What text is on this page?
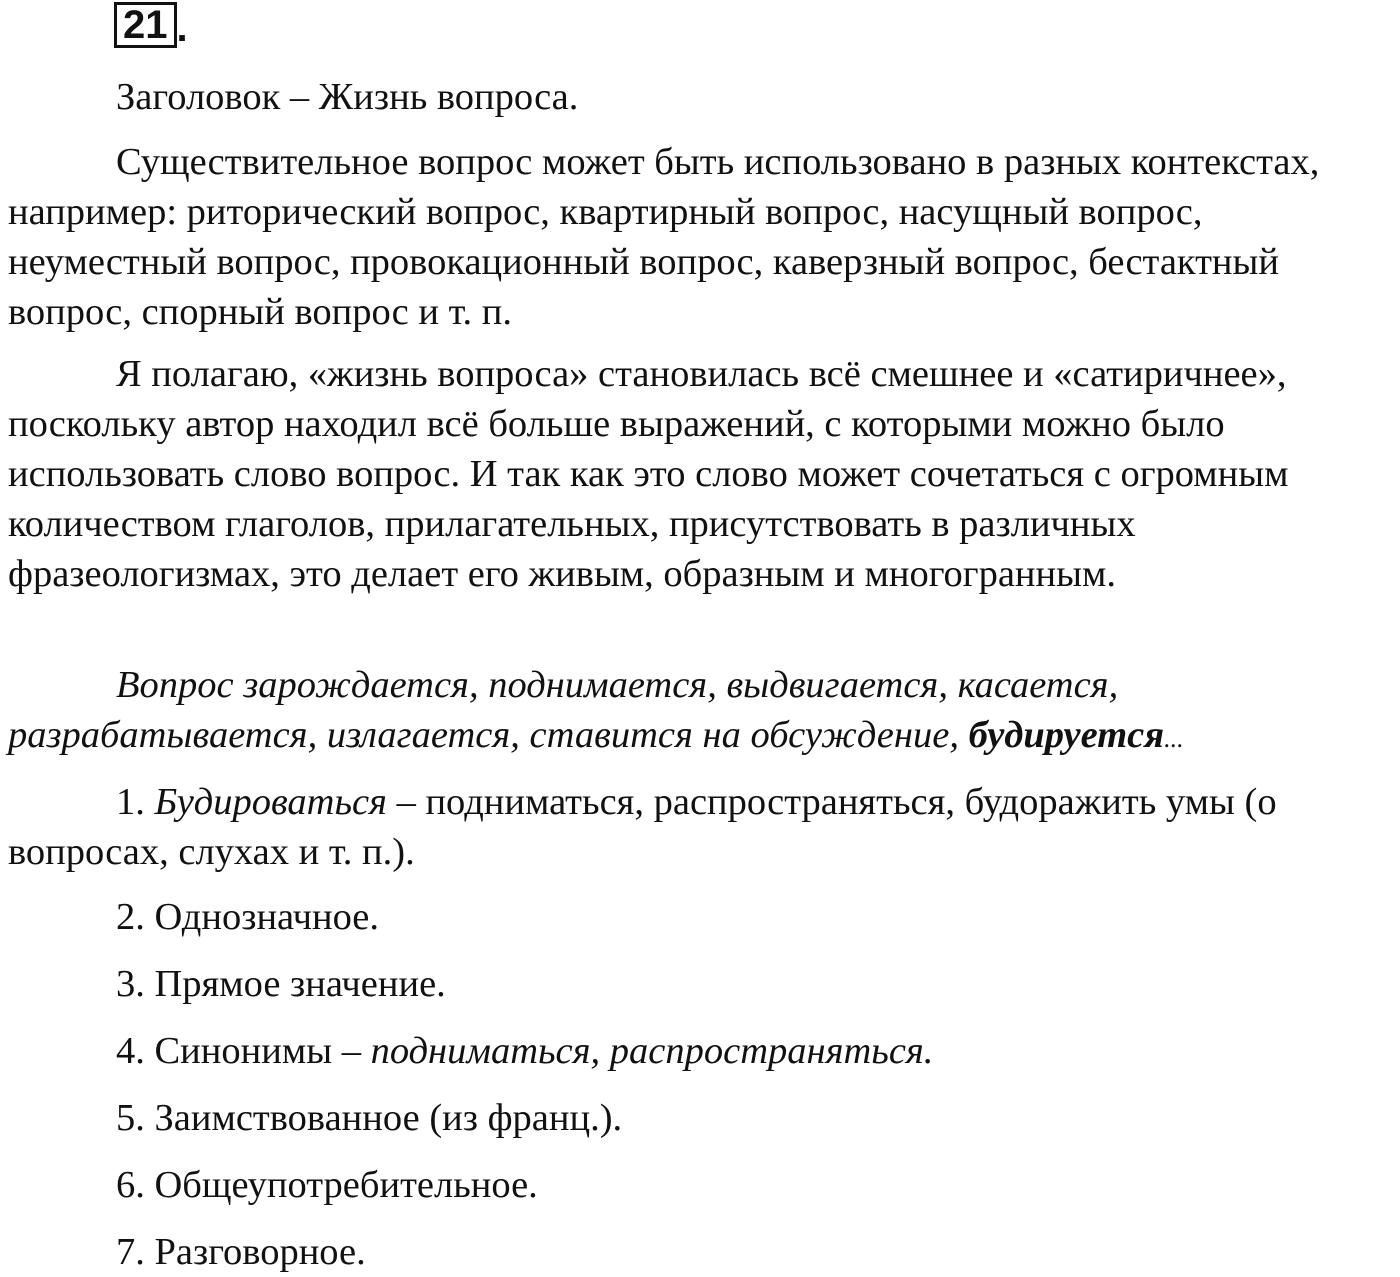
21 .

Заголовок – Жизнь вопроса.

Существительное вопрос может быть использовано в разных контекстах, например: риторический вопрос, квартирный вопрос, насущный вопрос, неуместный вопрос, провокационный вопрос, каверзный вопрос, бестактный вопрос, спорный вопрос и т. п.

Я полагаю, «жизнь вопроса» становилась всё смешнее и «сатиричнее», поскольку автор находил всё больше выражений, с которыми можно было использовать слово вопрос. И так как это слово может сочетаться с огромным количеством глаголов, прилагательных, присутствовать в различных фразеологизмах, это делает его живым, образным и многогранным.

Вопрос зарождается, поднимается, выдвигается, касается, разрабатывается, излагается, ставится на обсуждение, будируется...

1. Будироваться – подниматься, распространяться, будоражить умы (о вопросах, слухах и т. п.).

2. Однозначное.
3. Прямое значение.
4. Синонимы – подниматься, распространяться.
5. Заимствованное (из франц.).
6. Общеупотребительное.
7. Разговорное.
